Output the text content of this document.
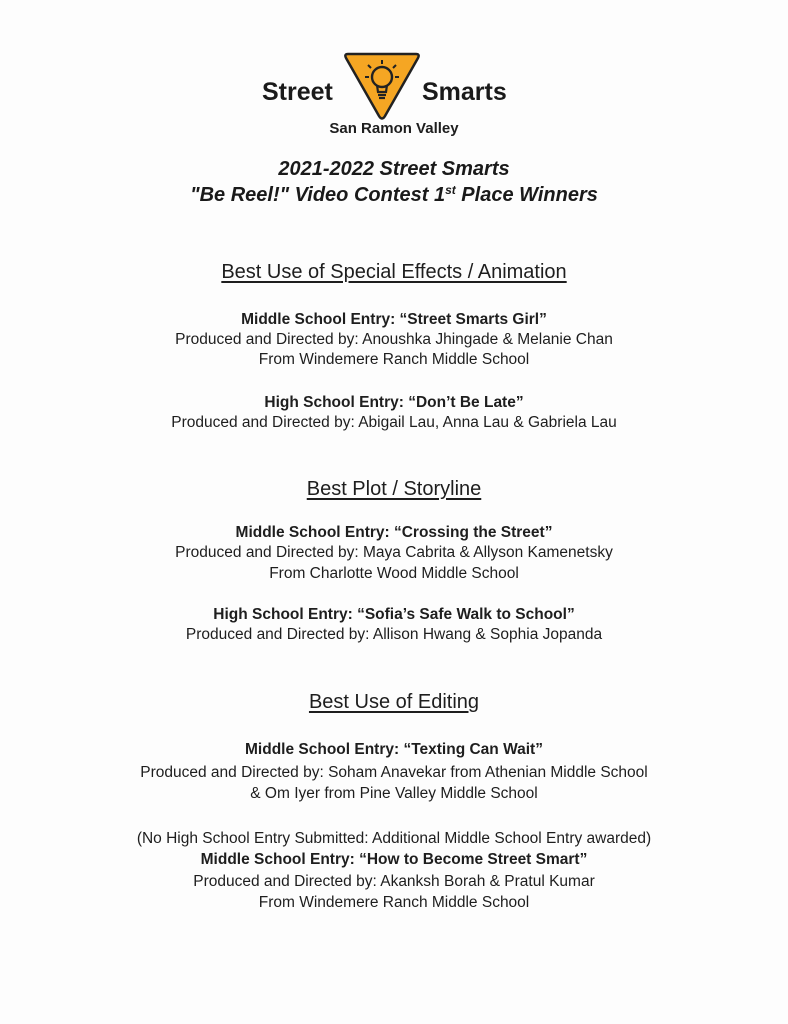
Street	Smarts
San Ramon Valley
2021-2022 Street Smarts
"Be Reel!" Video Contest 1st Place Winners
Best Use of Special Effects / Animation
Middle School Entry: “Street Smarts Girl”
Produced and Directed by: Anoushka Jhingade & Melanie Chan
From Windemere Ranch Middle School
High School Entry: “Don’t Be Late”
Produced and Directed by: Abigail Lau, Anna Lau & Gabriela Lau
Best Plot / Storyline
Middle School Entry: “Crossing the Street”
Produced and Directed by: Maya Cabrita & Allyson Kamenetsky
From Charlotte Wood Middle School
High School Entry: “Sofia’s Safe Walk to School”
Produced and Directed by: Allison Hwang & Sophia Jopanda
Best Use of Editing
Middle School Entry: “Texting Can Wait”
Produced and Directed by: Soham Anavekar from Athenian Middle School
& Om Iyer from Pine Valley Middle School
(No High School Entry Submitted: Additional Middle School Entry awarded)
Middle School Entry: “How to Become Street Smart”
Produced and Directed by: Akanksh Borah & Pratul Kumar
From Windemere Ranch Middle School
